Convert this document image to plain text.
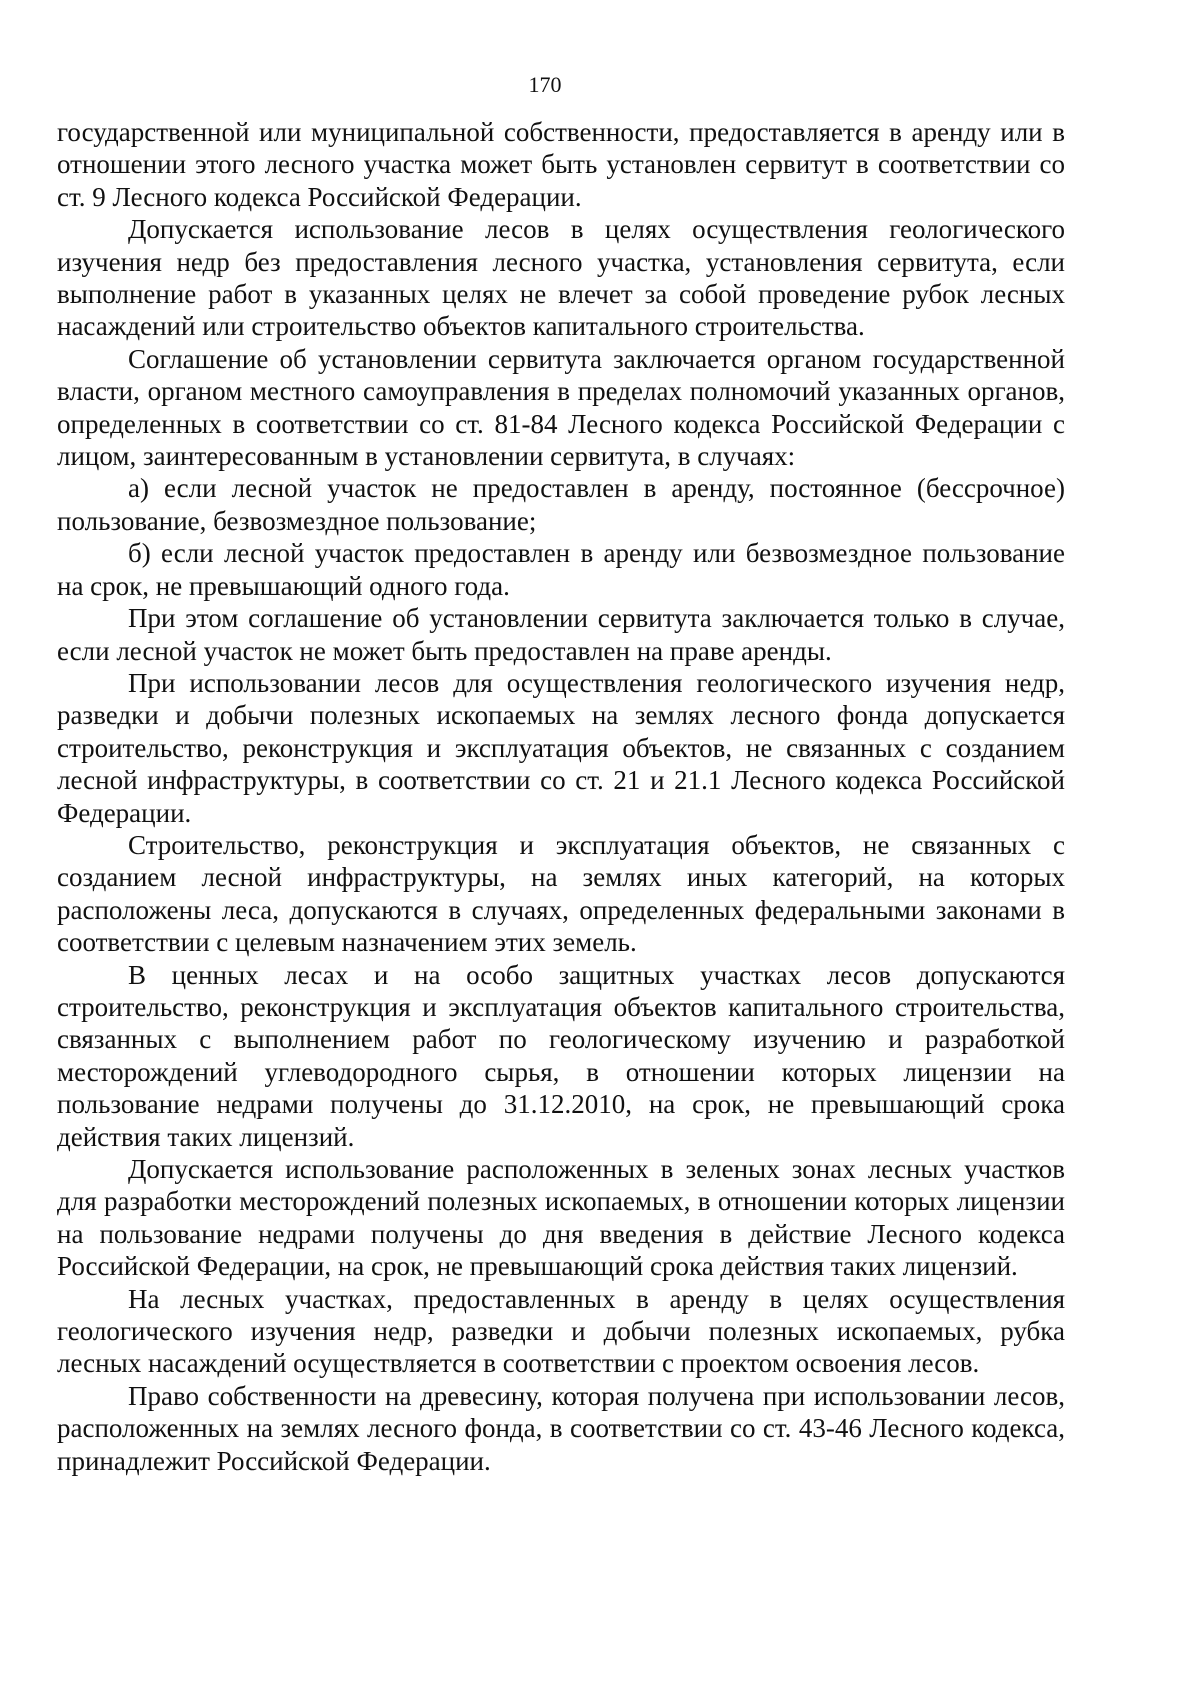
170

государственной или муниципальной собственности, предоставляется в аренду или в отношении этого лесного участка может быть установлен сервитут в соответствии со ст. 9 Лесного кодекса Российской Федерации.

Допускается использование лесов в целях осуществления геологического изучения недр без предоставления лесного участка, установления сервитута, если выполнение работ в указанных целях не влечет за собой проведение рубок лесных насаждений или строительство объектов капитального строительства.

Соглашение об установлении сервитута заключается органом государственной власти, органом местного самоуправления в пределах полномочий указанных органов, определенных в соответствии со ст. 81-84 Лесного кодекса Российской Федерации с лицом, заинтересованным в установлении сервитута, в случаях:

а) если лесной участок не предоставлен в аренду, постоянное (бессрочное) пользование, безвозмездное пользование;

б) если лесной участок предоставлен в аренду или безвозмездное пользование на срок, не превышающий одного года.

При этом соглашение об установлении сервитута заключается только в случае, если лесной участок не может быть предоставлен на праве аренды.

При использовании лесов для осуществления геологического изучения недр, разведки и добычи полезных ископаемых на землях лесного фонда допускается строительство, реконструкция и эксплуатация объектов, не связанных с созданием лесной инфраструктуры, в соответствии со ст. 21 и 21.1 Лесного кодекса Российской Федерации.

Строительство, реконструкция и эксплуатация объектов, не связанных с созданием лесной инфраструктуры, на землях иных категорий, на которых расположены леса, допускаются в случаях, определенных федеральными законами в соответствии с целевым назначением этих земель.

В ценных лесах и на особо защитных участках лесов допускаются строительство, реконструкция и эксплуатация объектов капитального строительства, связанных с выполнением работ по геологическому изучению и разработкой месторождений углеводородного сырья, в отношении которых лицензии на пользование недрами получены до 31.12.2010, на срок, не превышающий срока действия таких лицензий.

Допускается использование расположенных в зеленых зонах лесных участков для разработки месторождений полезных ископаемых, в отношении которых лицензии на пользование недрами получены до дня введения в действие Лесного кодекса Российской Федерации, на срок, не превышающий срока действия таких лицензий.

На лесных участках, предоставленных в аренду в целях осуществления геологического изучения недр, разведки и добычи полезных ископаемых, рубка лесных насаждений осуществляется в соответствии с проектом освоения лесов.

Право собственности на древесину, которая получена при использовании лесов, расположенных на землях лесного фонда, в соответствии со ст. 43-46 Лесного кодекса, принадлежит Российской Федерации.
